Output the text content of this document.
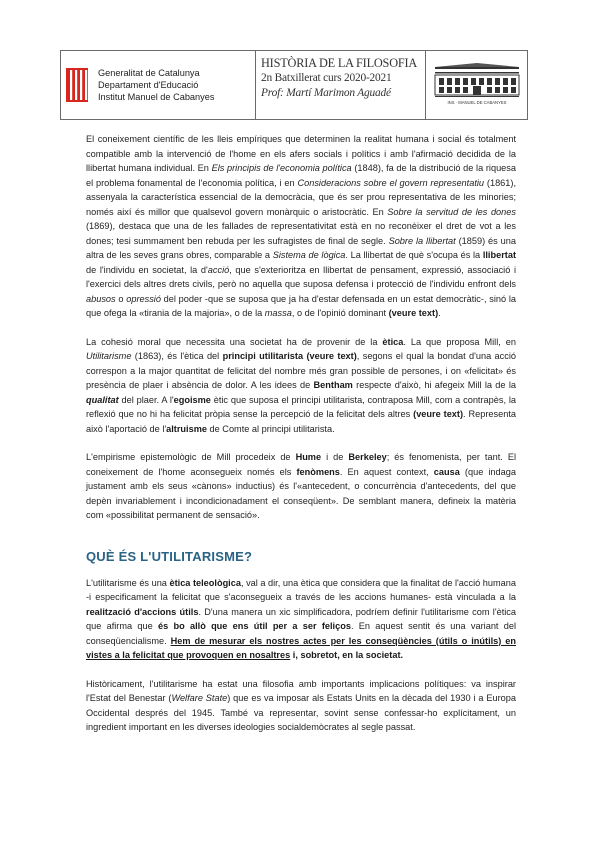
Generalitat de Catalunya
Departament d'Educació
Institut Manuel de Cabanyes
HISTÒRIA DE LA FILOSOFIA
2n Batxillerat curs 2020-2021
Prof: Martí Marimon Aguadé
INS · MANUEL DE CABANYES

El coneixement científic de les lleis empíriques que determinen la realitat humana i social és totalment compatible amb la intervenció de l'home en els afers socials i polítics i amb l'afirmació decidida de la llibertat humana individual. En Els principis de l'economia política (1848), fa de la distribució de la riquesa el problema fonamental de l'economia política, i en Consideracions sobre el govern representatiu (1861), assenyala la característica essencial de la democràcia, que és ser prou representativa de les minories; només així és millor que qualsevol govern monàrquic o aristocràtic. En Sobre la servitud de les dones (1869), destaca que una de les fallades de representativitat està en no reconèixer el dret de vot a les dones; tesi summament ben rebuda per les sufragistes de final de segle. Sobre la llibertat (1859) és una altra de les seves grans obres, comparable a Sistema de lògica. La llibertat de què s'ocupa és la llibertat de l'individu en societat, la d'acció, que s'exterioritza en llibertat de pensament, expressió, associació i l'exercici dels altres drets civils, però no aquella que suposa defensa i protecció de l'individu enfront dels abusos o opressió del poder -que se suposa que ja ha d'estar defensada en un estat democràtic-, sinó la que ofega la «tirania de la majoria», o de la massa, o de l'opinió dominant (veure text).

La cohesió moral que necessita una societat ha de provenir de la ètica. La que proposa Mill, en Utilitarisme (1863), és l'ètica del principi utilitarista (veure text), segons el qual la bondat d'una acció correspon a la major quantitat de felicitat del nombre més gran possible de persones, i on «felicitat» és presència de plaer i absència de dolor. A les idees de Bentham respecte d'això, hi afegeix Mill la de la qualitat del plaer. A l'egoisme ètic que suposa el principi utilitarista, contraposa Mill, com a contrapès, la reflexió que no hi ha felicitat pròpia sense la percepció de la felicitat dels altres (veure text). Representa això l'aportació de l'altruisme de Comte al principi utilitarista.

L'empirisme epistemològic de Mill procedeix de Hume i de Berkeley; és fenomenista, per tant. El coneixement de l'home aconsegueix només els fenòmens. En aquest context, causa (que indaga justament amb els seus «cànons» inductius) és l'«antecedent, o concurrència d'antecedents, del que depèn invariablement i incondicionadament el conseqüent». De semblant manera, defineix la matèria com «possibilitat permanent de sensació».

QUÈ ÉS L'UTILITARISME?

L'utilitarisme és una ètica teleològica, val a dir, una ètica que considera que la finalitat de l'acció humana -i especificament la felicitat que s'aconsegueix a través de les accions humanes- està vinculada a la realització d'accions útils. D'una manera un xic simplificadora, podríem definir l'utilitarisme com l'ètica que afirma que és bo allò que ens útil per a ser feliços. En aquest sentit és una variant del conseqüencialisme. Hem de mesurar els nostres actes per les conseqüències (útils o inútils) en vistes a la felicitat que provoquen en nosaltres i, sobretot, en la societat.

Històricament, l'utilitarisme ha estat una filosofia amb importants implicacions polítiques: va inspirar l'Estat del Benestar (Welfare State) que es va imposar als Estats Units en la dècada del 1930 i a Europa Occidental després del 1945. També va representar, sovint sense confessar-ho explícitament, un ingredient important en les diverses ideologies socialdemòcrates al segle passat.
